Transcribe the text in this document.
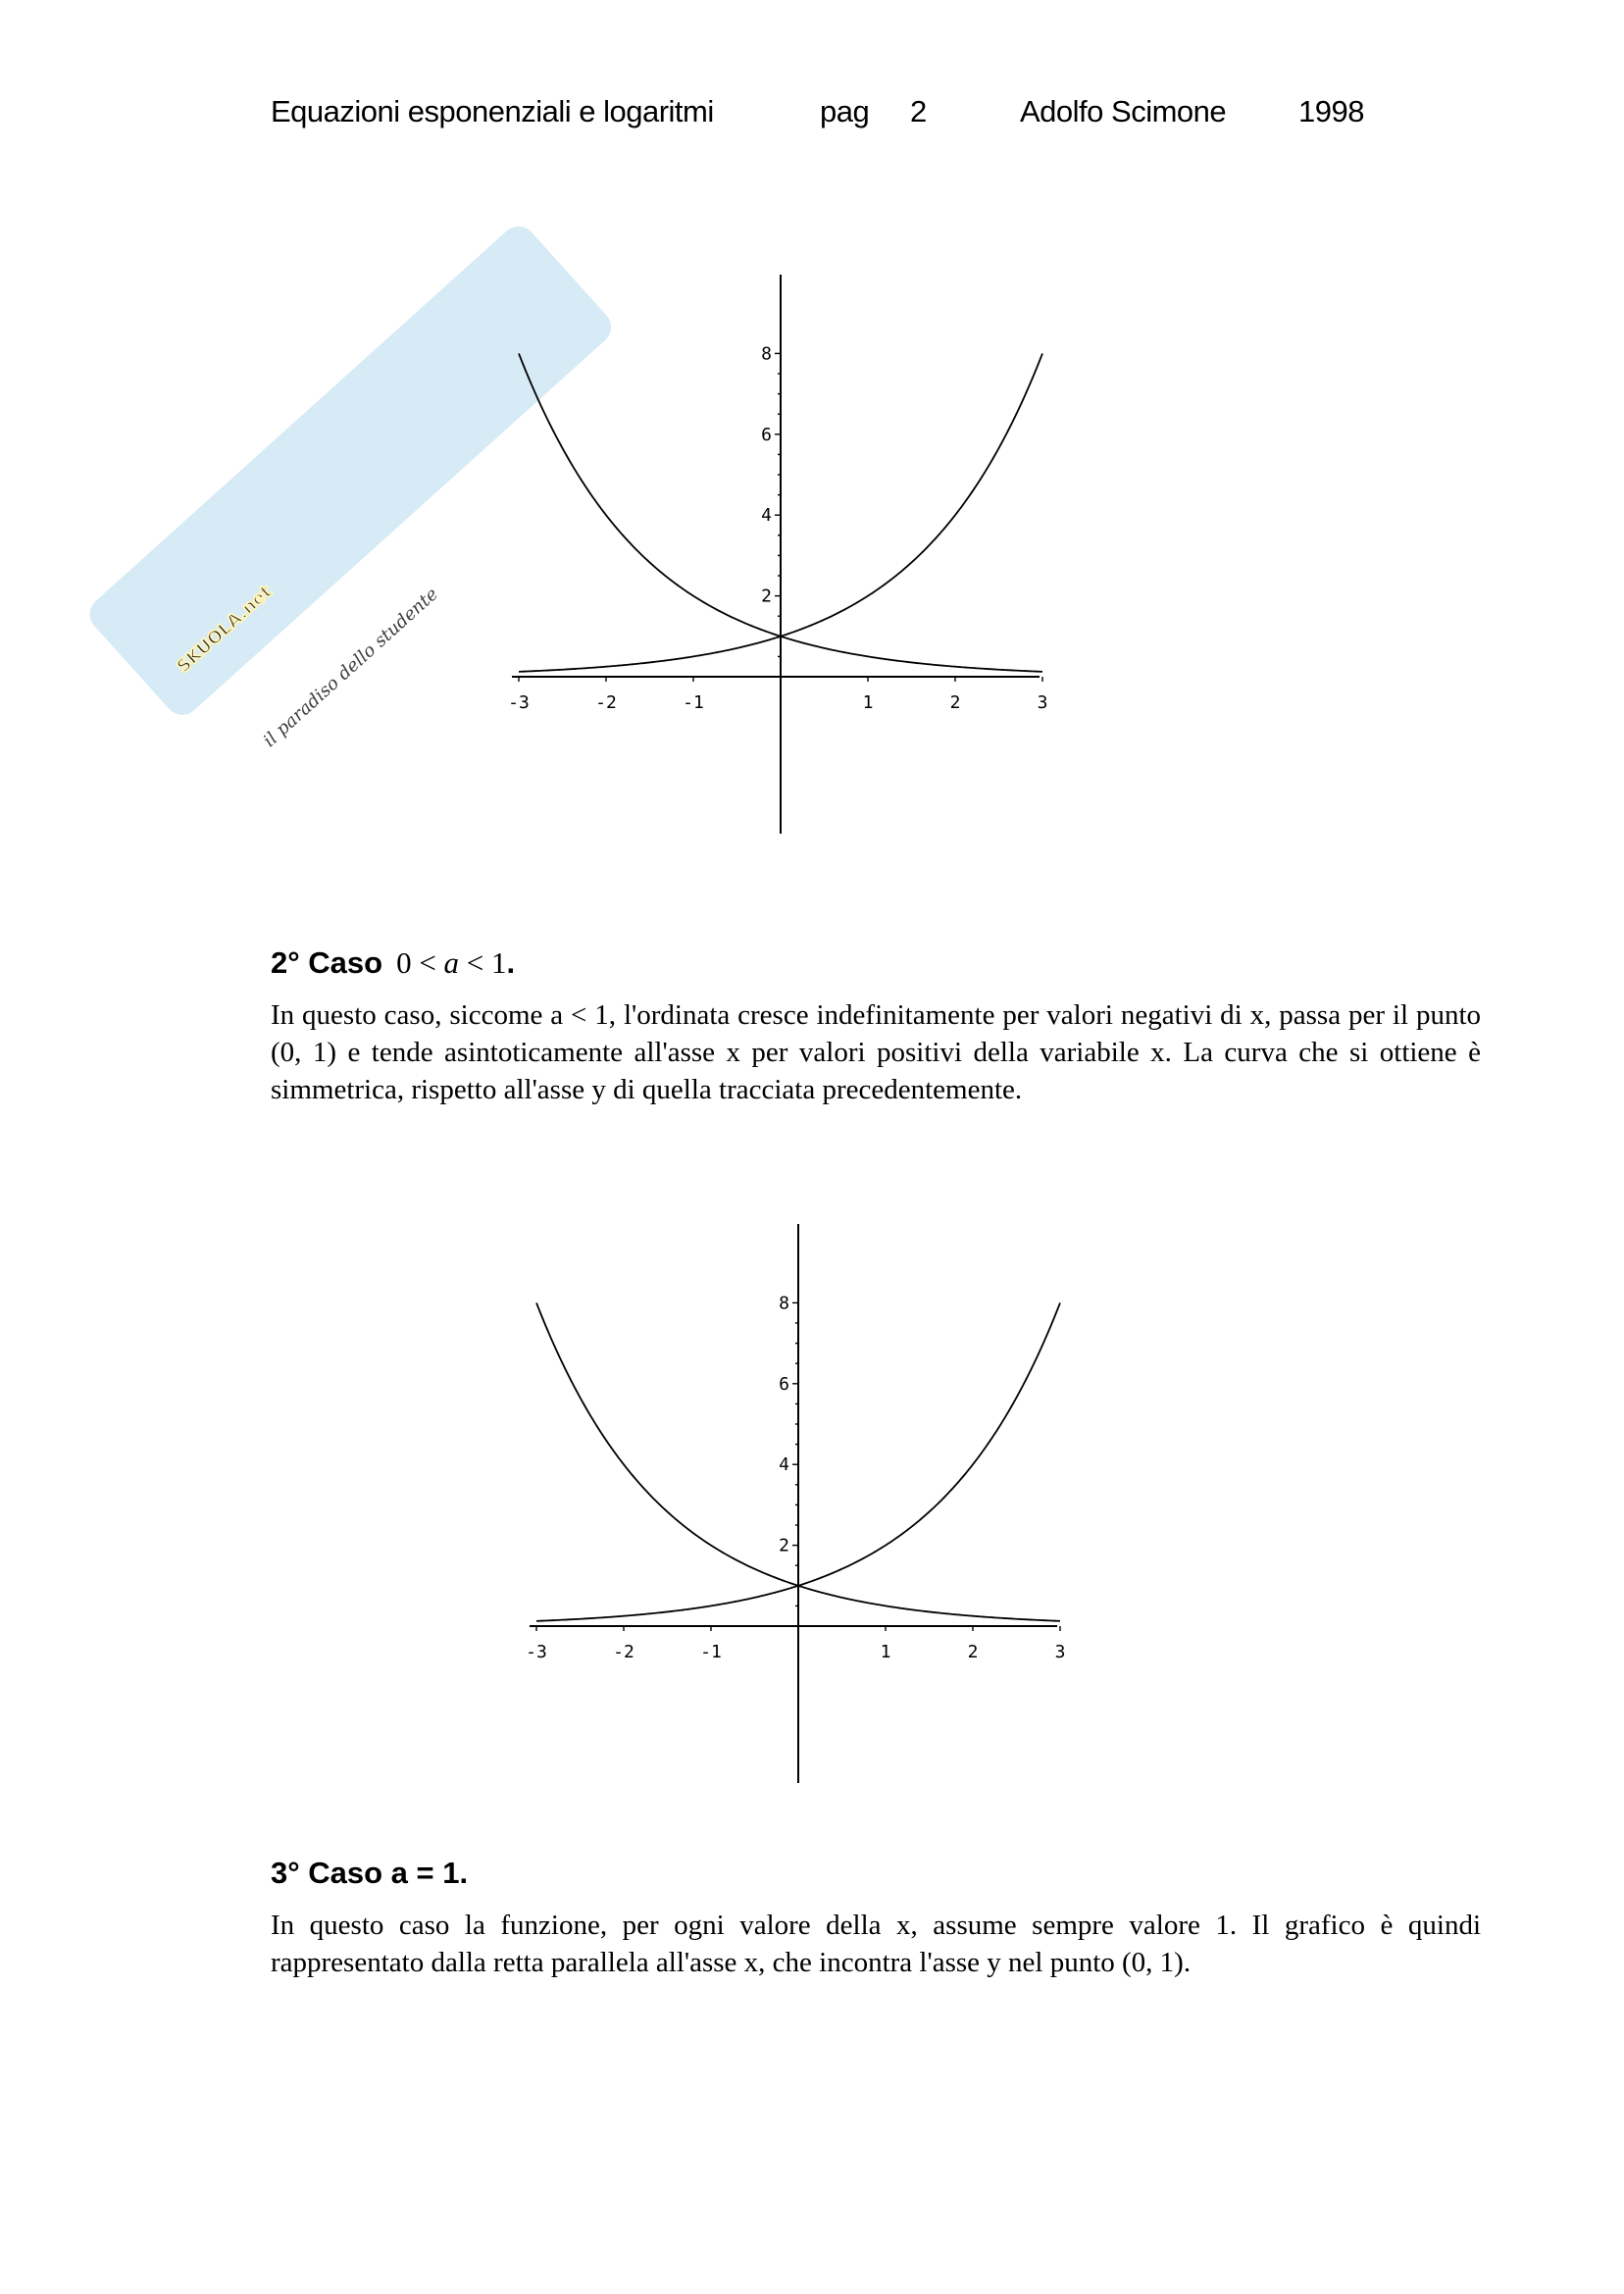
Equazioni esponenziali e logaritmi	pag 2	Adolfo Scimone 1998
SKUOLA.net
il paradiso dello studente	2
4
6
8
-3	-2	-1	1	2	3
2° Caso 0 < a < 1.

In questo caso, siccome a < 1, l'ordinata cresce indefinitamente per valori negativi di x, passa per il punto (0, 1) e tende asintoticamente all'asse x per valori positivi della variabile x. La curva che si ottiene è simmetrica, rispetto all'asse y di quella tracciata precedentemente.

2
4
6
8
-3	-2	-1	1	2	3
3° Caso a = 1.

In questo caso la funzione, per ogni valore della x, assume sempre valore 1. Il grafico è quindi rappresentato dalla retta parallela all'asse x, che incontra l'asse y nel punto (0, 1).
